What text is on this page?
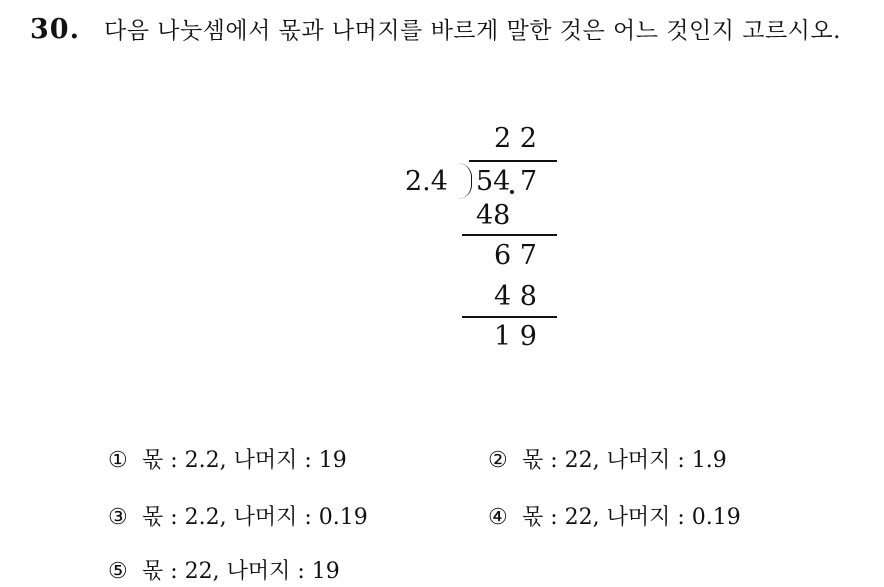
30. 다음 나눗셈에서 몫과 나머지를 바르게 말한 것은 어느 것인지 고르시오.
2 2
2.4 54 7
48
6 7
4 8
1 9
① 몫 : 2.2, 나머지 : 19	② 몫 : 22, 나머지 : 1.9
③ 몫 : 2.2, 나머지 : 0.19	④ 몫 : 22, 나머지 : 0.19
⑤ 몫 : 22, 나머지 : 19
